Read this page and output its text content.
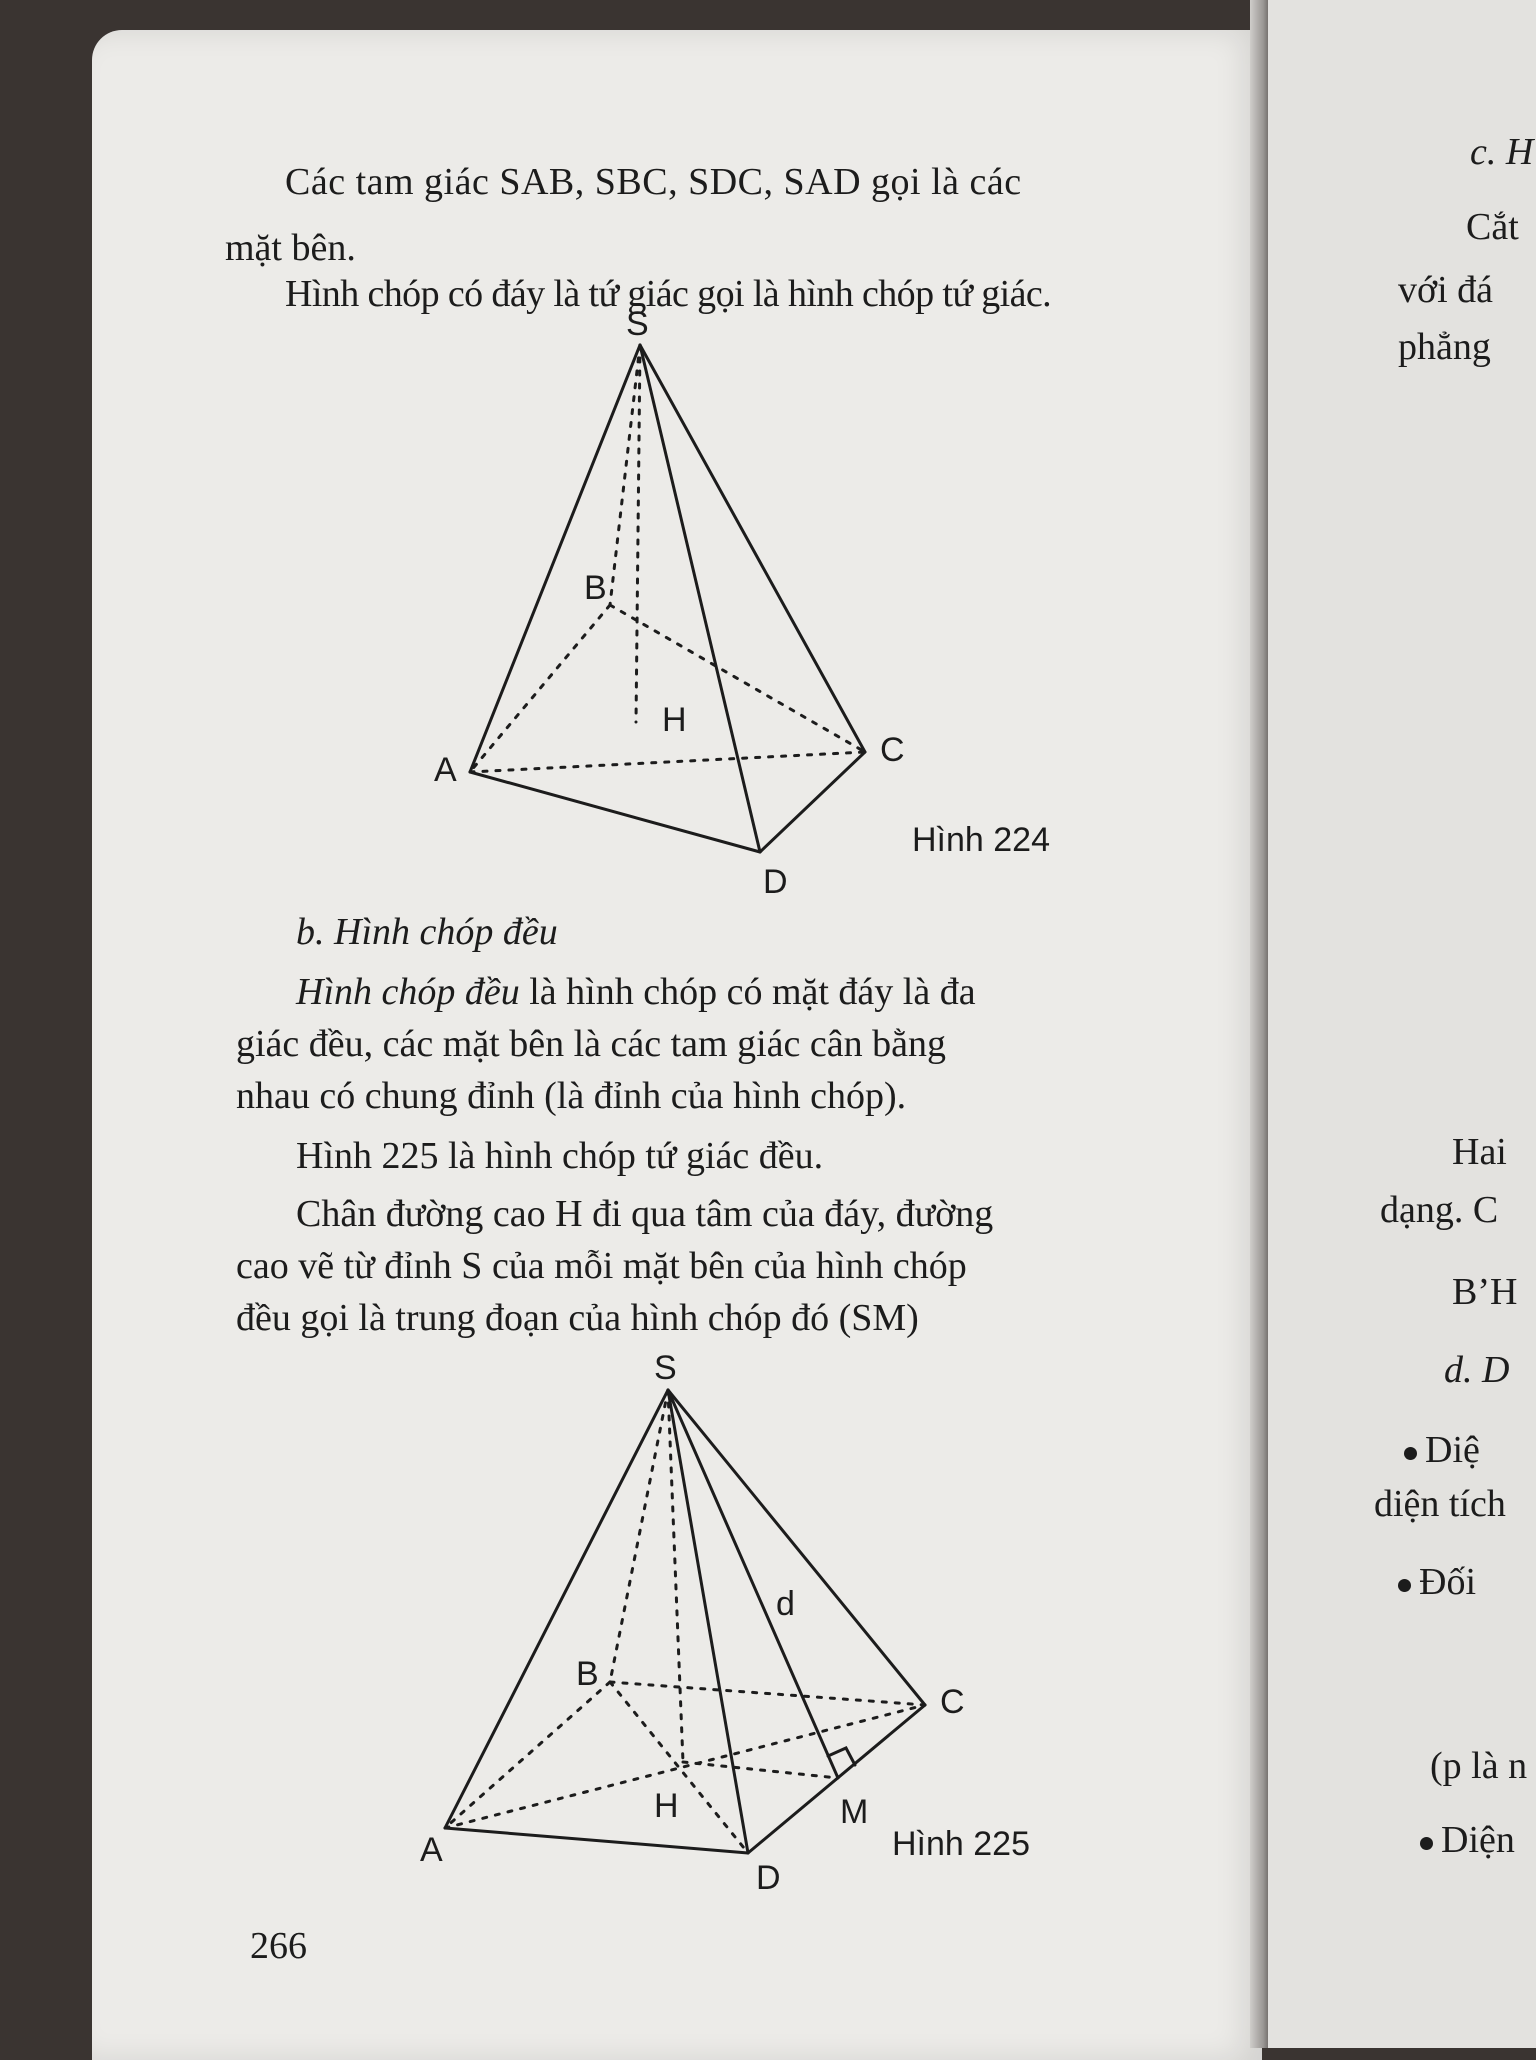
Các tam giác SAB, SBC, SDC, SAD gọi là các
mặt bên.
Hình chóp có đáy là tứ giác gọi là hình chóp tứ giác.
S
B
H
A
C
D
Hình 224
b. Hình chóp đều
Hình chóp đều là hình chóp có mặt đáy là đa
giác đều, các mặt bên là các tam giác cân bằng
nhau có chung đỉnh (là đỉnh của hình chóp).
Hình 225 là hình chóp tứ giác đều.
Chân đường cao H đi qua tâm của đáy, đường
cao vẽ từ đỉnh S của mỗi mặt bên của hình chóp
đều gọi là trung đoạn của hình chóp đó (SM)
S
d
B
C
H	M
A
D
Hình 225
266
c. H
Cắt
với đá
phẳng
Hai
dạng. C
B’H
d. D
Diệ
diện tích
Đối
(p là n
Diện
